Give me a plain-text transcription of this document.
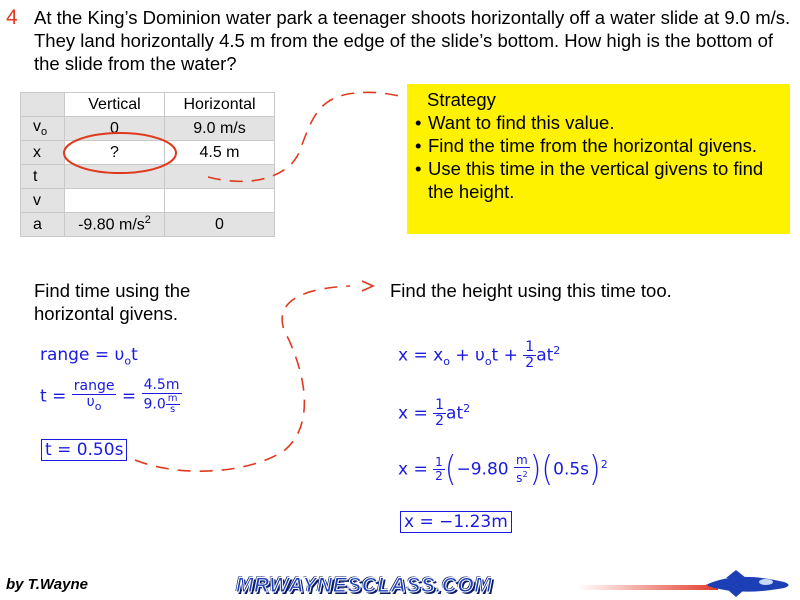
4 At the King’s Dominion water park a teenager shoots horizontally off a water slide at 9.0 m/s. They land horizontally 4.5 m from the edge of the slide’s bottom. How high is the bottom of the slide from the water?
	Vertical	Horizontal
$v_o$	0	9.0 m/s
x	?	4.5 m
t		
v		
a	-9.80 $m/s^2$	0
Strategy
• Want to find this value.
• Find the time from the horizontal givens.
• Use this time in the vertical givens to find the height.
Find time using the horizontal givens.
Find the height using this time too.
range = $\upsilon_ot$
$t = \frac{\text{range}}{\upsilon_o} = \frac{4.5m}{9.0 \frac{m}{s}}$
t = 0.50s
$x = x_o + \upsilon_ot + \frac{1}{2} at^2$
$x = \frac{1}{2} at^2$
$x = \frac{1}{2} (-9.80 \frac{m}{s^2} )(0.5s)^2$
x = −1.23m
by T.Wayne	MRWAYNESCLASS.COM
